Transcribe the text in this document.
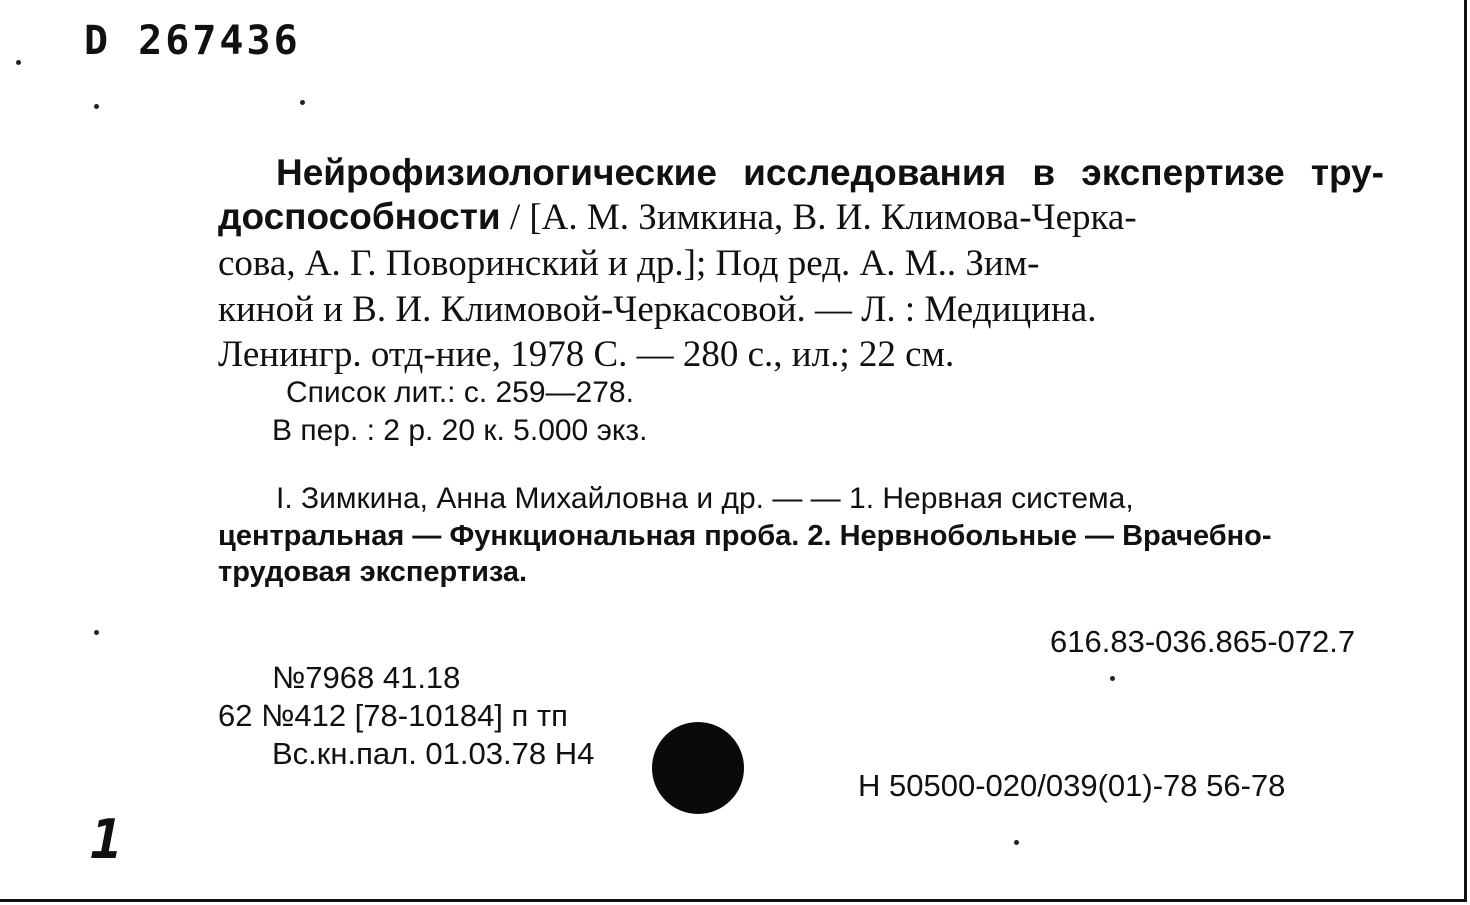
D 267436
Нейрофизиологические исследования в экспертизе тру-
доспособности / [А. М. Зимкина, В. И. Климова-Черка-
сова, А. Г. Поворинский и др.]; Под ред. А. М.. Зим-
киной и В. И. Климовой-Черкасовой. — Л. : Медицина.
Ленингр. отд-ние, 1978 С. — 280 с., ил.; 22 см.
Список лит.: с. 259—278.
В пер. : 2 р. 20 к. 5.000 экз.
I. Зимкина, Анна Михайловна и др. — — 1. Нервная система,
центральная — Функциональная проба. 2. Нервнобольные — Врачебно-
трудовая экспертиза.
616.83-036.865-072.7
№7968 41.18
62 №412 [78-10184] п тп
Вс.кн.пал. 01.03.78 Н4
Н 50500-020/039(01)-78 56-78
1
